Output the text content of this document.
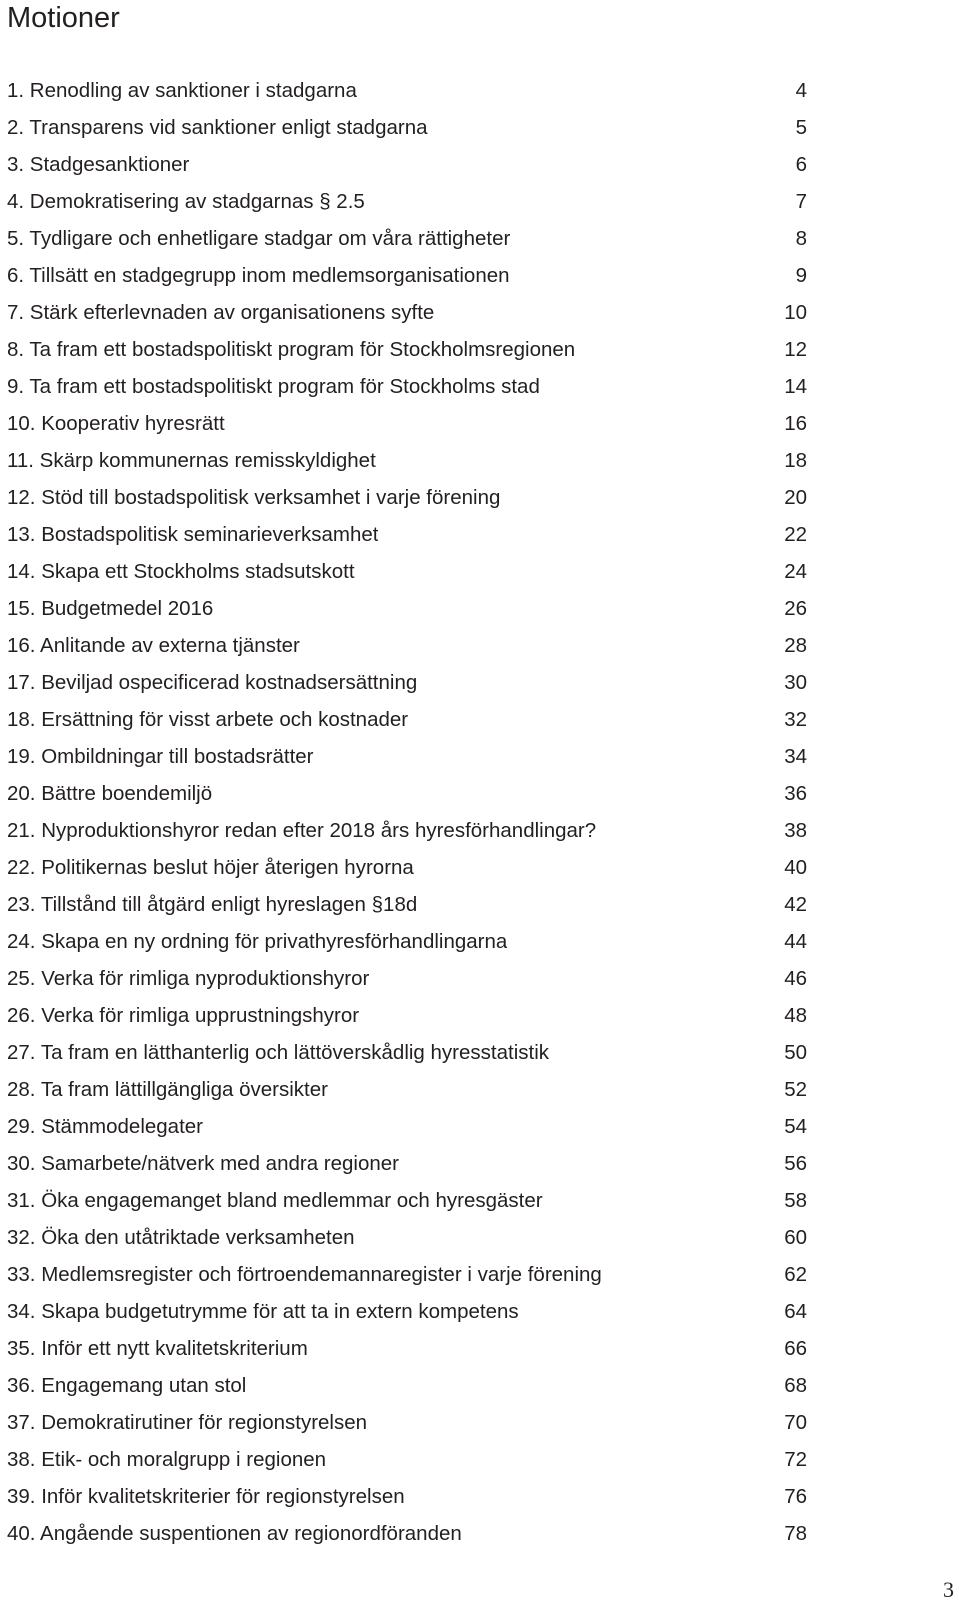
Motioner
1. Renodling av sanktioner i stadgarna	4
2. Transparens vid sanktioner enligt stadgarna	5
3. Stadgesanktioner	6
4. Demokratisering av stadgarnas § 2.5	7
5. Tydligare och enhetligare stadgar om våra rättigheter	8
6. Tillsätt en stadgegrupp inom medlemsorganisationen	9
7. Stärk efterlevnaden av organisationens syfte	10
8. Ta fram ett bostadspolitiskt program för Stockholmsregionen	12
9. Ta fram ett bostadspolitiskt program för Stockholms stad	14
10. Kooperativ hyresrätt	16
11. Skärp kommunernas remisskyldighet	18
12. Stöd till bostadspolitisk verksamhet i varje förening	20
13. Bostadspolitisk seminarieverksamhet	22
14. Skapa ett Stockholms stadsutskott	24
15. Budgetmedel 2016	26
16. Anlitande av externa tjänster	28
17. Beviljad ospecificerad kostnadsersättning	30
18. Ersättning för visst arbete och kostnader	32
19. Ombildningar till bostadsrätter	34
20. Bättre boendemiljö	36
21. Nyproduktionshyror redan efter 2018 års hyresförhandlingar?	38
22. Politikernas beslut höjer återigen hyrorna	40
23. Tillstånd till åtgärd enligt hyreslagen §18d	42
24. Skapa en ny ordning för privathyresförhandlingarna	44
25. Verka för rimliga nyproduktionshyror	46
26. Verka för rimliga upprustningshyror	48
27. Ta fram en lätthanterlig och lättöverskådlig hyresstatistik	50
28. Ta fram lättillgängliga översikter	52
29. Stämmodelegater	54
30. Samarbete/nätverk med andra regioner	56
31. Öka engagemanget bland medlemmar och hyresgäster	58
32. Öka den utåtriktade verksamheten	60
33. Medlemsregister och förtroendemannaregister i varje förening	62
34. Skapa budgetutrymme för att ta in extern kompetens	64
35. Inför ett nytt kvalitetskriterium	66
36. Engagemang utan stol	68
37. Demokratirutiner för regionstyrelsen	70
38. Etik- och moralgrupp i regionen	72
39. Inför kvalitetskriterier för regionstyrelsen	76
40. Angående suspentionen av regionordföranden	78
3
